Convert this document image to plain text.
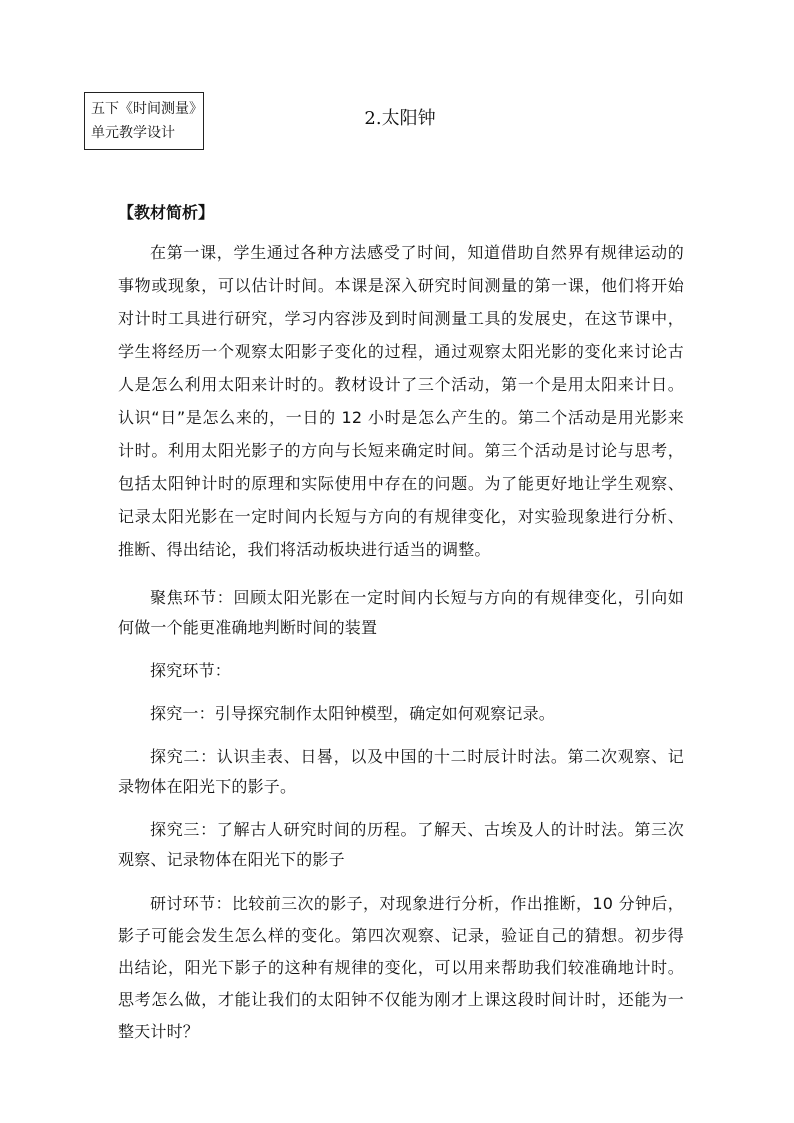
五下《时间测量》
单元教学设计
2.太阳钟
【教材简析】

在第一课，学生通过各种方法感受了时间，知道借助自然界有规律运动的事物或现象，可以估计时间。本课是深入研究时间测量的第一课，他们将开始对计时工具进行研究，学习内容涉及到时间测量工具的发展史，在这节课中，学生将经历一个观察太阳影子变化的过程，通过观察太阳光影的变化来讨论古人是怎么利用太阳来计时的。教材设计了三个活动，第一个是用太阳来计日。认识“日”是怎么来的，一日的 12 小时是怎么产生的。第二个活动是用光影来计时。利用太阳光影子的方向与长短来确定时间。第三个活动是讨论与思考，包括太阳钟计时的原理和实际使用中存在的问题。为了能更好地让学生观察、记录太阳光影在一定时间内长短与方向的有规律变化，对实验现象进行分析、推断、得出结论，我们将活动板块进行适当的调整。

聚焦环节：回顾太阳光影在一定时间内长短与方向的有规律变化，引向如何做一个能更准确地判断时间的装置

探究环节：

探究一：引导探究制作太阳钟模型，确定如何观察记录。

探究二：认识圭表、日晷，以及中国的十二时辰计时法。第二次观察、记录物体在阳光下的影子。

探究三：了解古人研究时间的历程。了解天、古埃及人的计时法。第三次观察、记录物体在阳光下的影子

研讨环节：比较前三次的影子，对现象进行分析，作出推断，10 分钟后，影子可能会发生怎么样的变化。第四次观察、记录，验证自己的猜想。初步得出结论，阳光下影子的这种有规律的变化，可以用来帮助我们较准确地计时。思考怎么做，才能让我们的太阳钟不仅能为刚才上课这段时间计时，还能为一整天计时？
